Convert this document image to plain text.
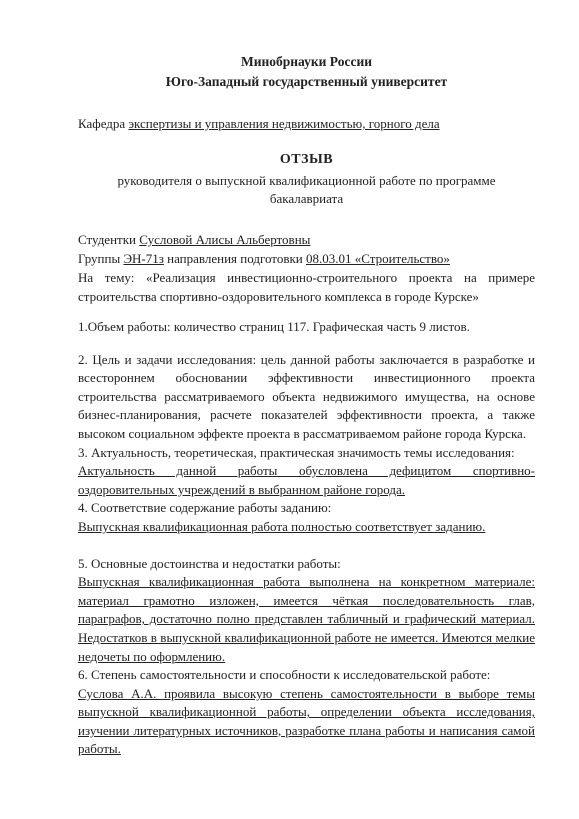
Минобрнауки России
Юго-Западный государственный университет
Кафедра экспертизы и управления недвижимостью, горного дела
ОТЗЫВ
руководителя о выпускной квалификационной работе по программе
бакалавриата
Студентки Сусловой Алисы Альбертовны
Группы ЭН-71з направления подготовки 08.03.01 «Строительство»
На тему: «Реализация инвестиционно-строительного проекта на примере строительства спортивно-оздоровительного комплекса в городе Курске»
1.Объем работы: количество страниц 117. Графическая часть 9 листов.
2. Цель и задачи исследования: цель данной работы заключается в разработке и всестороннем обосновании эффективности инвестиционного проекта строительства рассматриваемого объекта недвижимого имущества, на основе бизнес-планирования, расчете показателей эффективности проекта, а также высоком социальном эффекте проекта в рассматриваемом районе города Курска.
3. Актуальность, теоретическая, практическая значимость темы исследования:
Актуальность данной работы обусловлена дефицитом спортивно-оздоровительных учреждений в выбранном районе города.
4. Соответствие содержание работы заданию:
Выпускная квалификационная работа полностью соответствует заданию.
5. Основные достоинства и недостатки работы:
Выпускная квалификационная работа выполнена на конкретном материале: материал грамотно изложен, имеется чёткая последовательность глав, параграфов, достаточно полно представлен табличный и графический материал. Недостатков в выпускной квалификационной работе не имеется. Имеются мелкие недочеты по оформлению.
6. Степень самостоятельности и способности к исследовательской работе:
Суслова А.А. проявила высокую степень самостоятельности в выборе темы выпускной квалификационной работы, определении объекта исследования, изучении литературных источников, разработке плана работы и написания самой работы.
